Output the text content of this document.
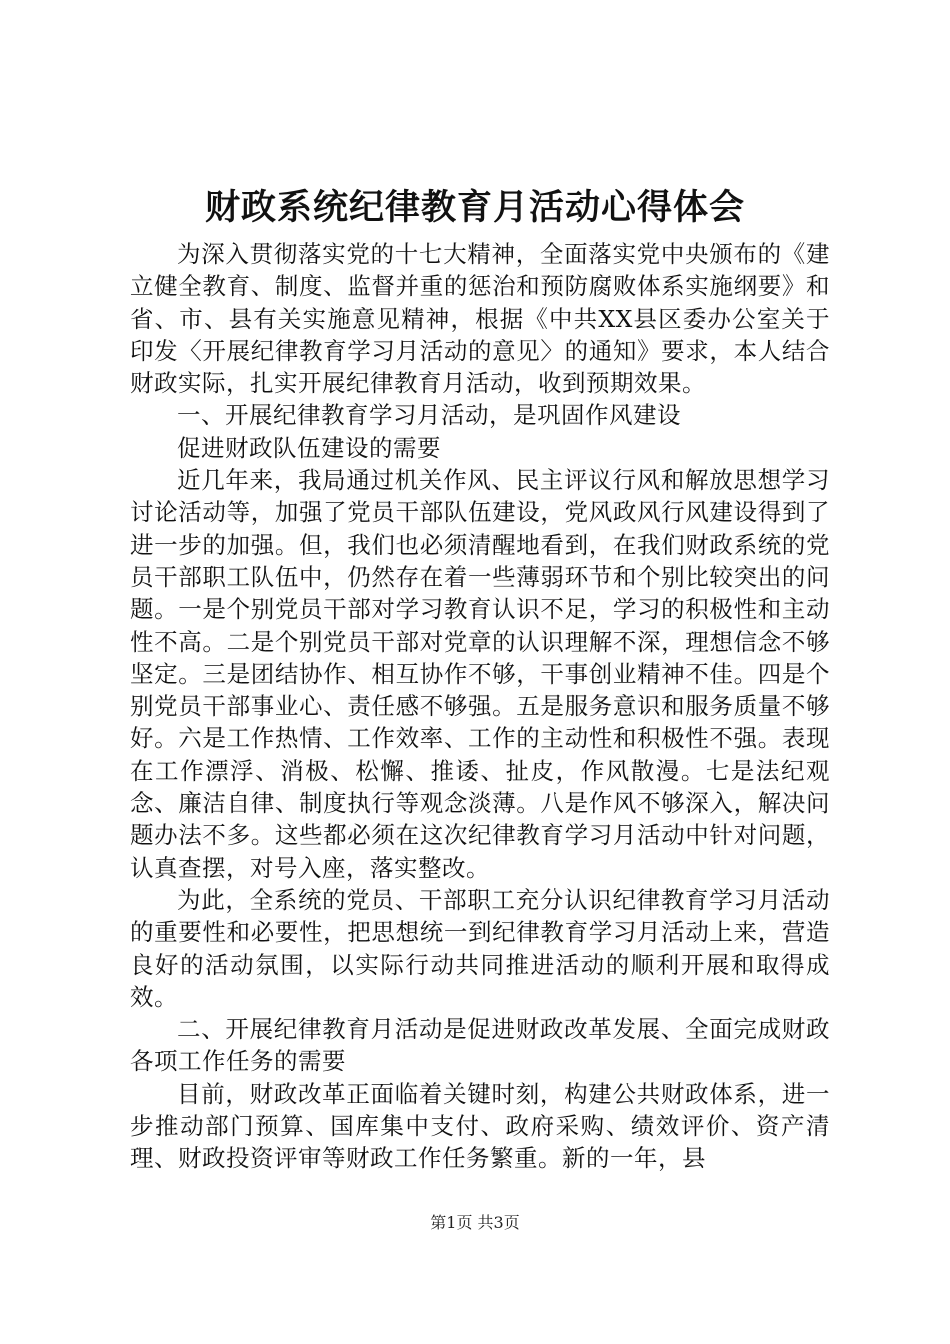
财政系统纪律教育月活动心得体会

为深入贯彻落实党的十七大精神，全面落实党中央颁布的《建立健全教育、制度、监督并重的惩治和预防腐败体系实施纲要》和省、市、县有关实施意见精神，根据《中共XX县区委办公室关于印发〈开展纪律教育学习月活动的意见〉的通知》要求，本人结合财政实际，扎实开展纪律教育月活动，收到预期效果。

一、开展纪律教育学习月活动，是巩固作风建设

促进财政队伍建设的需要

近几年来，我局通过机关作风、民主评议行风和解放思想学习讨论活动等，加强了党员干部队伍建设，党风政风行风建设得到了进一步的加强。但，我们也必须清醒地看到，在我们财政系统的党员干部职工队伍中，仍然存在着一些薄弱环节和个别比较突出的问题。一是个别党员干部对学习教育认识不足，学习的积极性和主动性不高。二是个别党员干部对党章的认识理解不深，理想信念不够坚定。三是团结协作、相互协作不够，干事创业精神不佳。四是个别党员干部事业心、责任感不够强。五是服务意识和服务质量不够好。六是工作热情、工作效率、工作的主动性和积极性不强。表现在工作漂浮、消极、松懈、推诿、扯皮，作风散漫。七是法纪观念、廉洁自律、制度执行等观念淡薄。八是作风不够深入，解决问题办法不多。这些都必须在这次纪律教育学习月活动中针对问题，认真查摆，对号入座，落实整改。

为此，全系统的党员、干部职工充分认识纪律教育学习月活动的重要性和必要性，把思想统一到纪律教育学习月活动上来，营造良好的活动氛围，以实际行动共同推进活动的顺利开展和取得成效。

二、开展纪律教育月活动是促进财政改革发展、全面完成财政各项工作任务的需要

目前，财政改革正面临着关键时刻，构建公共财政体系，进一步推动部门预算、国库集中支付、政府采购、绩效评价、资产清理、财政投资评审等财政工作任务繁重。新的一年，县

第1页 共3页
